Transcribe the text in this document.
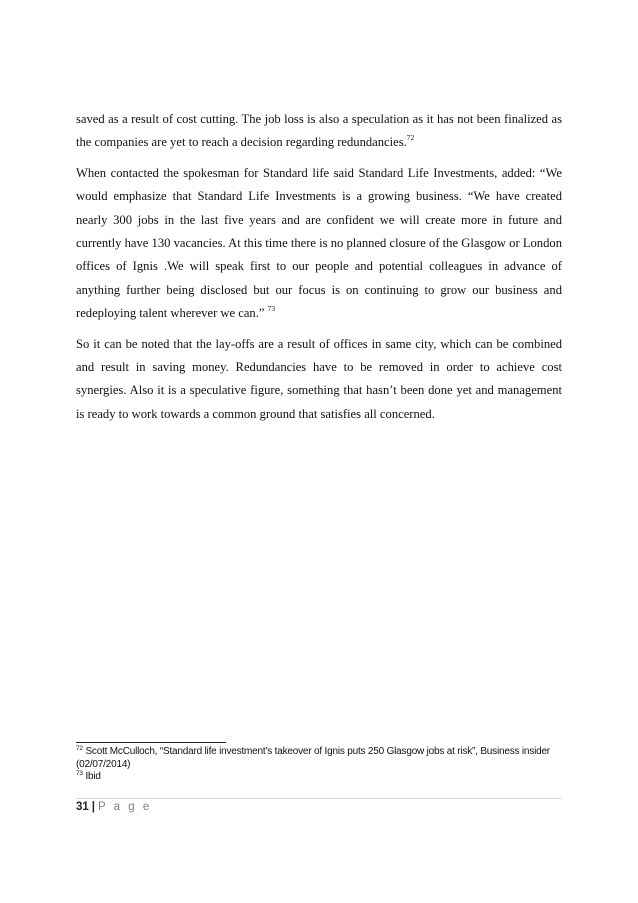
saved as a result of cost cutting. The job loss is also a speculation as it has not been finalized as the companies are yet to reach a decision regarding redundancies.$^{72}$

When contacted the spokesman for Standard life said Standard Life Investments, added: “We would emphasize that Standard Life Investments is a growing business. “We have created nearly 300 jobs in the last five years and are confident we will create more in future and currently have 130 vacancies. At this time there is no planned closure of the Glasgow or London offices of Ignis .We will speak first to our people and potential colleagues in advance of anything further being disclosed but our focus is on continuing to grow our business and redeploying talent wherever we can.” $^{73}$

So it can be noted that the lay-offs are a result of offices in same city, which can be combined and result in saving money. Redundancies have to be removed in order to achieve cost synergies. Also it is a speculative figure, something that hasn’t been done yet and management is ready to work towards a common ground that satisfies all concerned.

$^{72}$ Scott McCulloch, “Standard life investment’s takeover of Ignis puts 250 Glasgow jobs at risk”, Business insider (02/07/2014)

$^{73}$ Ibid

31 | P a g e
